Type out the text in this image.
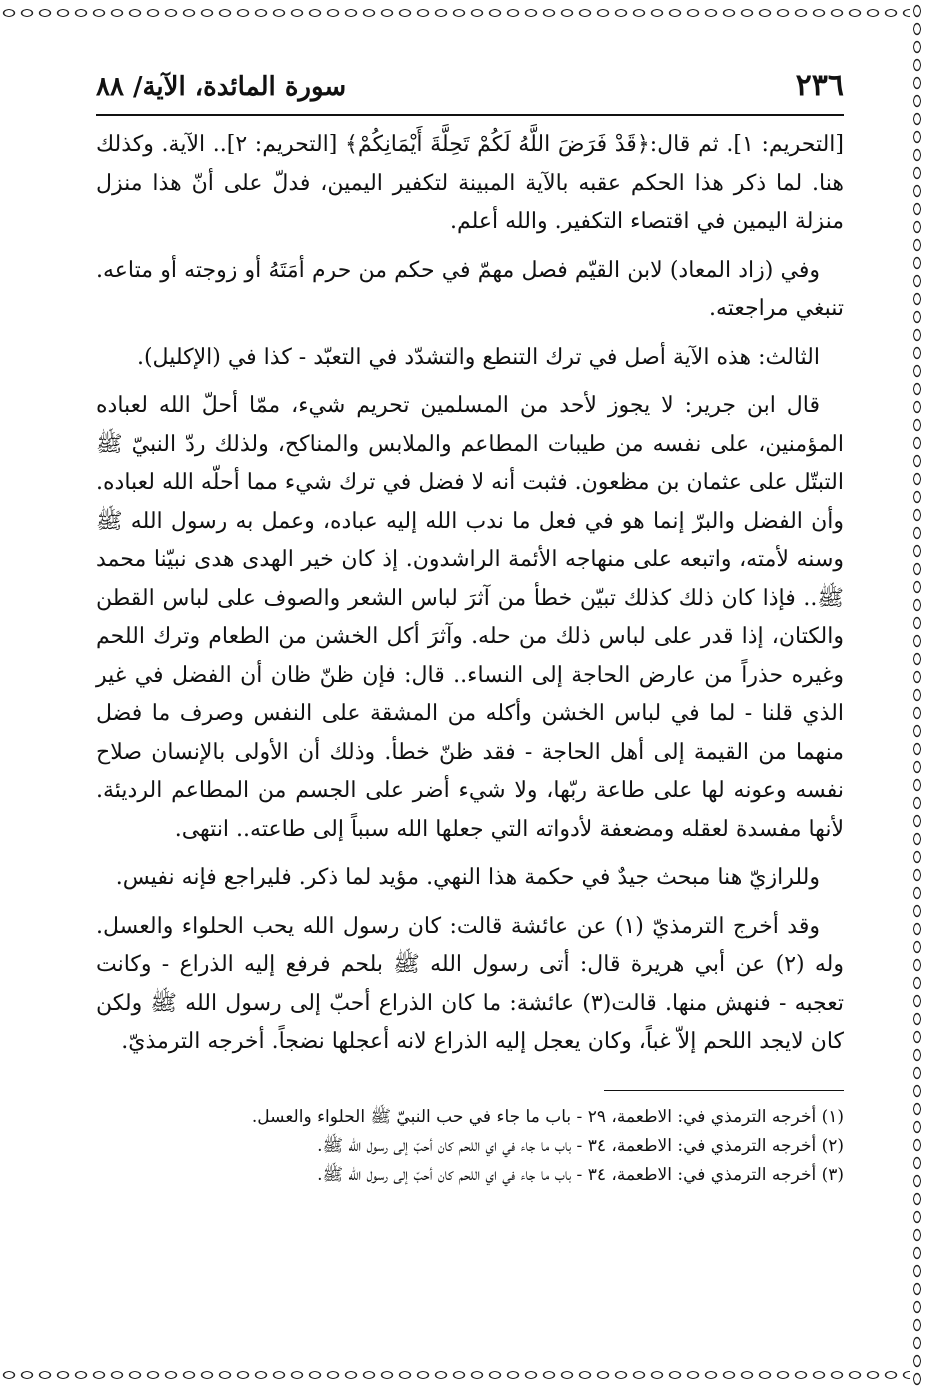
٢٣٦
سورة المائدة، الآية/ ٨٨

[التحريم: ١]. ثم قال:﴿قَدْ فَرَضَ اللَّهُ لَكُمْ تَحِلَّةَ أَيْمَانِكُمْ﴾ [التحريم: ٢].. الآية. وكذلك هنا. لما ذكر هذا الحكم عقبه بالآية المبينة لتكفير اليمين، فدلّ على أنّ هذا منزل منزلة اليمين في اقتصاء التكفير. والله أعلم.

وفي (زاد المعاد) لابن القيّم فصل مهمّ في حكم من حرم أمَتَهُ أو زوجته أو متاعه. تنبغي مراجعته.

الثالث: هذه الآية أصل في ترك التنطع والتشدّد في التعبّد - كذا في (الإكليل).

قال ابن جرير: لا يجوز لأحد من المسلمين تحريم شيء، ممّا أحلّ الله لعباده المؤمنين، على نفسه من طيبات المطاعم والملابس والمناكح، ولذلك ردّ النبيّ ﷺ التبتّل على عثمان بن مظعون. فثبت أنه لا فضل في ترك شيء مما أحلّه الله لعباده. وأن الفضل والبرّ إنما هو في فعل ما ندب الله إليه عباده، وعمل به رسول الله ﷺ وسنه لأمته، واتبعه على منهاجه الأئمة الراشدون. إذ كان خير الهدى هدى نبيّنا محمد ﷺ.. فإذا كان ذلك كذلك تبيّن خطأ من آثرَ لباس الشعر والصوف على لباس القطن والكتان، إذا قدر على لباس ذلك من حله. وآثرَ أكل الخشن من الطعام وترك اللحم وغيره حذراً من عارض الحاجة إلى النساء.. قال: فإن ظنّ ظان أن الفضل في غير الذي قلنا - لما في لباس الخشن وأكله من المشقة على النفس وصرف ما فضل منهما من القيمة إلى أهل الحاجة - فقد ظنّ خطأ. وذلك أن الأولى بالإنسان صلاح نفسه وعونه لها على طاعة ربّها، ولا شيء أضر على الجسم من المطاعم الرديئة. لأنها مفسدة لعقله ومضعفة لأدواته التي جعلها الله سبباً إلى طاعته.. انتهى.

وللرازيّ هنا مبحث جيدٌ في حكمة هذا النهي. مؤيد لما ذكر. فليراجع فإنه نفيس.

وقد أخرج الترمذيّ (١) عن عائشة قالت: كان رسول الله يحب الحلواء والعسل. وله (٢) عن أبي هريرة قال: أتى رسول الله ﷺ بلحم فرفع إليه الذراع - وكانت تعجبه - فنهش منها. قالت(٣) عائشة: ما كان الذراع أحبّ إلى رسول الله ﷺ ولكن كان لايجد اللحم إلاّ غباً، وكان يعجل إليه الذراع لانه أعجلها نضجاً. أخرجه الترمذيّ.

(١) أخرجه الترمذي في: الاطعمة، ٢٩ - باب ما جاء في حب النبيّ ﷺ الحلواء والعسل.

(٢) أخرجه الترمذي في: الاطعمة، ٣٤ - باب ما جاء في اي اللحم كان أحبّ إلى رسول الله ﷺ.

(٣) أخرجه الترمذي في: الاطعمة، ٣٤ - باب ما جاء في اي اللحم كان أحبّ إلى رسول الله ﷺ.
